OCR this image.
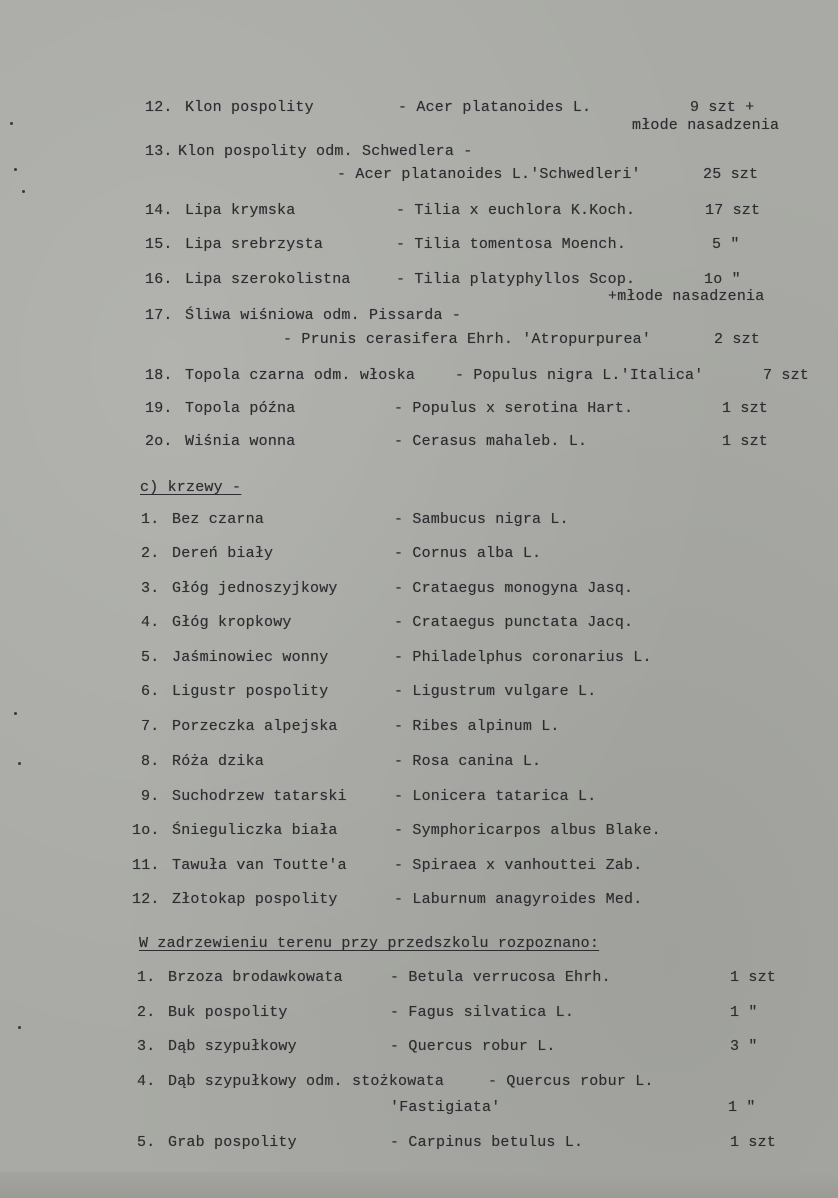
12. Klon pospolity	- Acer platanoides L.	9 szt +
młode nasadzenia
13. Klon pospolity odm. Schwedlera -
- Acer platanoides L.'Schwedleri'	25 szt
14. Lipa krymska	- Tilia x euchlora K.Koch.	17 szt
15. Lipa srebrzysta	- Tilia tomentosa Moench.	5 "
16. Lipa szerokolistna	- Tilia platyphyllos Scop.	1o "
+młode nasadzenia
17. Śliwa wiśniowa odm. Pissarda -
- Prunis cerasifera Ehrh. 'Atropurpurea'	2 szt
18. Topola czarna odm. włoska	- Populus nigra L.'Italica'	7 szt
19. Topola późna	- Populus x serotina Hart.	1 szt
2o. Wiśnia wonna	- Cerasus mahaleb. L.	1 szt
c) krzewy -
1. Bez czarna	- Sambucus nigra L.
2. Dereń biały	- Cornus alba L.
3. Głóg jednoszyjkowy	- Crataegus monogyna Jasq.
4. Głóg kropkowy	- Crataegus punctata Jacq.
5. Jaśminowiec wonny	- Philadelphus coronarius L.
6. Ligustr pospolity	- Ligustrum vulgare L.
7. Porzeczka alpejska	- Ribes alpinum L.
8. Róża dzika	- Rosa canina L.
9. Suchodrzew tatarski	- Lonicera tatarica L.
1o. Śnieguliczka biała	- Symphoricarpos albus Blake.
11. Tawuła van Toutte'a	- Spiraea x vanhouttei Zab.
12. Złotokap pospolity	- Laburnum anagyroides Med.
W zadrzewieniu terenu przy przedszkolu rozpoznano:
1. Brzoza brodawkowata	- Betula verrucosa Ehrh.	1 szt
2. Buk pospolity	- Fagus silvatica L.	1 "
3. Dąb szypułkowy	- Quercus robur L.	3 "
4. Dąb szypułkowy odm. stożkowata	- Quercus robur L.
'Fastigiata'	1 "
5. Grab pospolity	- Carpinus betulus L.	1 szt
